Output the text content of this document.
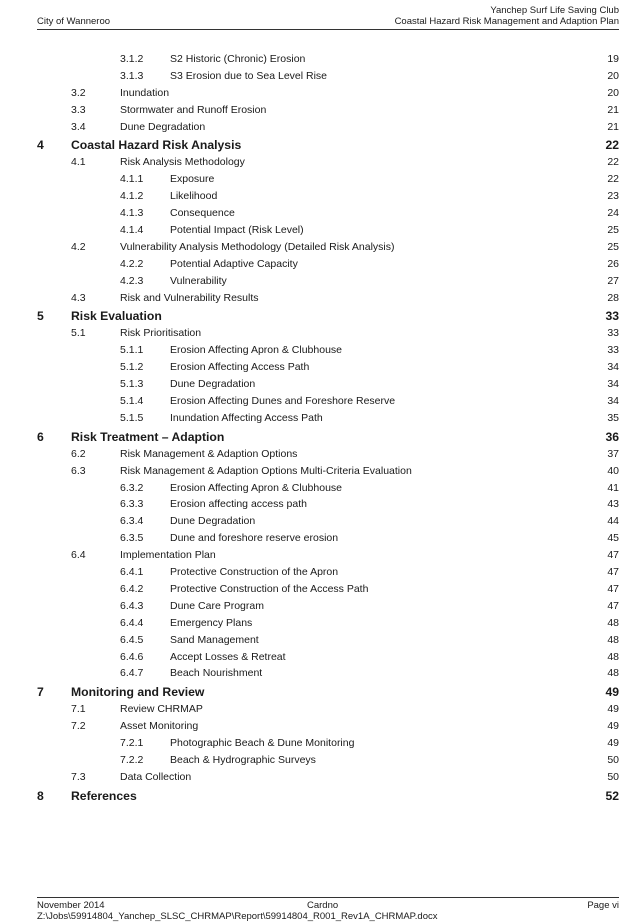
City of Wanneroo
Yanchep Surf Life Saving Club
Coastal Hazard Risk Management and Adaption Plan
3.1.2	S2 Historic (Chronic) Erosion	19
3.1.3	S3 Erosion due to Sea Level Rise	20
3.2	Inundation	20
3.3	Stormwater and Runoff Erosion	21
3.4	Dune Degradation	21
4 Coastal Hazard Risk Analysis	22
4.1	Risk Analysis Methodology	22
4.1.1	Exposure	22
4.1.2	Likelihood	23
4.1.3	Consequence	24
4.1.4	Potential Impact (Risk Level)	25
4.2	Vulnerability Analysis Methodology (Detailed Risk Analysis)	25
4.2.2	Potential Adaptive Capacity	26
4.2.3	Vulnerability	27
4.3	Risk and Vulnerability Results	28
5 Risk Evaluation	33
5.1	Risk Prioritisation	33
5.1.1	Erosion Affecting Apron & Clubhouse	33
5.1.2	Erosion Affecting Access Path	34
5.1.3	Dune Degradation	34
5.1.4	Erosion Affecting Dunes and Foreshore Reserve	34
5.1.5	Inundation Affecting Access Path	35
6 Risk Treatment – Adaption	36
6.2	Risk Management & Adaption Options	37
6.3	Risk Management & Adaption Options Multi-Criteria Evaluation	40
6.3.2	Erosion Affecting Apron & Clubhouse	41
6.3.3	Erosion affecting access path	43
6.3.4	Dune Degradation	44
6.3.5	Dune and foreshore reserve erosion	45
6.4	Implementation Plan	47
6.4.1	Protective Construction of the Apron	47
6.4.2	Protective Construction of the Access Path	47
6.4.3	Dune Care Program	47
6.4.4	Emergency Plans	48
6.4.5	Sand Management	48
6.4.6	Accept Losses & Retreat	48
6.4.7	Beach Nourishment	48
7 Monitoring and Review	49
7.1	Review CHRMAP	49
7.2	Asset Monitoring	49
7.2.1	Photographic Beach & Dune Monitoring	49
7.2.2	Beach & Hydrographic Surveys	50
7.3	Data Collection	50
8 References	52
November 2014	Cardno	Page vi
Z:\Jobs\59914804_Yanchep_SLSC_CHRMAP\Report\59914804_R001_Rev1A_CHRMAP.docx
